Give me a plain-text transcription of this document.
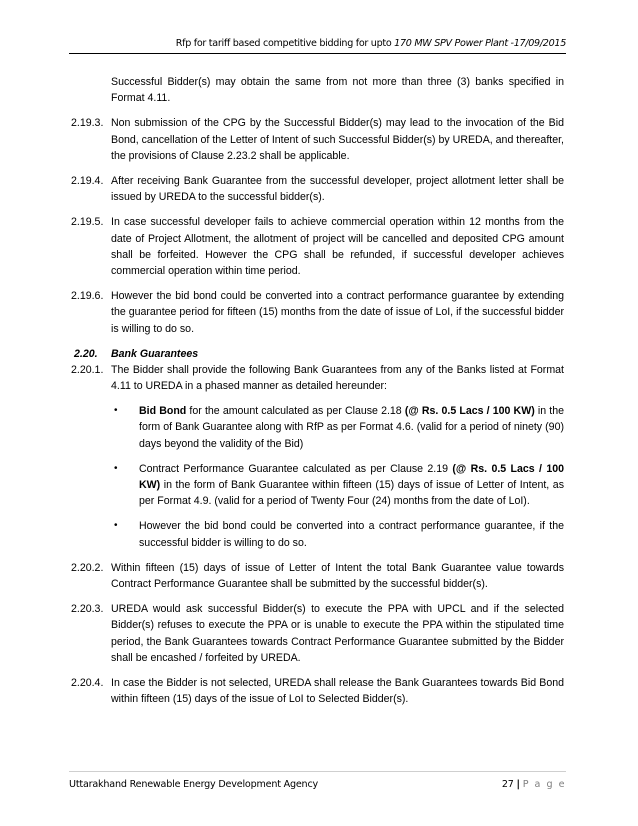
Rfp for tariff based competitive bidding for upto 170 MW SPV Power Plant -17/09/2015
Successful Bidder(s) may obtain the same from not more than three (3) banks specified in Format 4.11.
2.19.3. Non submission of the CPG by the Successful Bidder(s) may lead to the invocation of the Bid Bond, cancellation of the Letter of Intent of such Successful Bidder(s) by UREDA, and thereafter, the provisions of Clause 2.23.2 shall be applicable.
2.19.4. After receiving Bank Guarantee from the successful developer, project allotment letter shall be issued by UREDA to the successful bidder(s).
2.19.5. In case successful developer fails to achieve commercial operation within 12 months from the date of Project Allotment, the allotment of project will be cancelled and deposited CPG amount shall be forfeited. However the CPG shall be refunded, if successful developer achieves commercial operation within time period.
2.19.6. However the bid bond could be converted into a contract performance guarantee by extending the guarantee period for fifteen (15) months from the date of issue of LoI, if the successful bidder is willing to do so.
2.20.	Bank Guarantees
2.20.1. The Bidder shall provide the following Bank Guarantees from any of the Banks listed at Format 4.11 to UREDA in a phased manner as detailed hereunder:
•	Bid Bond for the amount calculated as per Clause 2.18 (@ Rs. 0.5 Lacs / 100 KW) in the form of Bank Guarantee along with RfP as per Format 4.6. (valid for a period of ninety (90) days beyond the validity of the Bid)
•	Contract Performance Guarantee calculated as per Clause 2.19 (@ Rs. 0.5 Lacs / 100 KW) in the form of Bank Guarantee within fifteen (15) days of issue of Letter of Intent, as per Format 4.9. (valid for a period of Twenty Four (24) months from the date of LoI).
•	However the bid bond could be converted into a contract performance guarantee, if the successful bidder is willing to do so.
2.20.2. Within fifteen (15) days of issue of Letter of Intent the total Bank Guarantee value towards Contract Performance Guarantee shall be submitted by the successful bidder(s).
2.20.3. UREDA would ask successful Bidder(s) to execute the PPA with UPCL and if the selected Bidder(s) refuses to execute the PPA or is unable to execute the PPA within the stipulated time period, the Bank Guarantees towards Contract Performance Guarantee submitted by the Bidder shall be encashed / forfeited by UREDA.
2.20.4. In case the Bidder is not selected, UREDA shall release the Bank Guarantees towards Bid Bond within fifteen (15) days of the issue of LoI to Selected Bidder(s).
Uttarakhand Renewable Energy Development Agency	27 | P a g e
